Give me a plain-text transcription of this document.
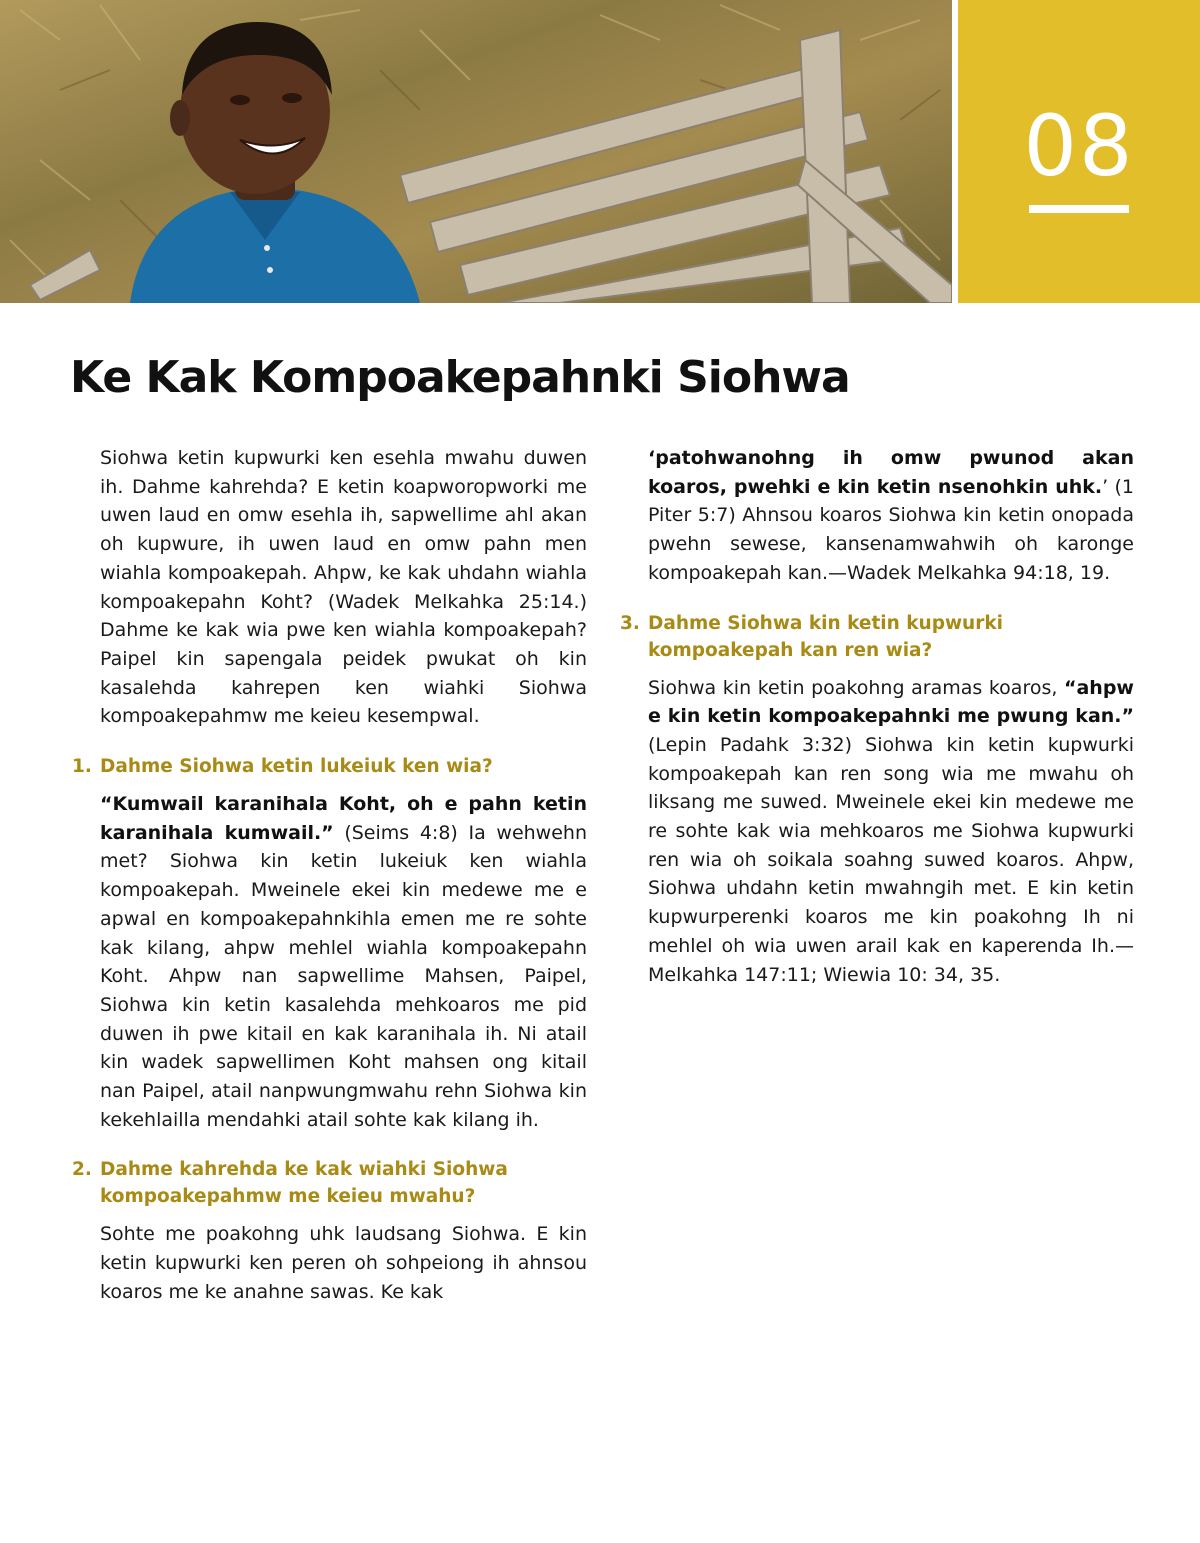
08
Ke Kak Kompoakepahnki Siohwa

Siohwa ketin kupwurki ken esehla mwahu duwen ih. Dahme kahrehda? E ketin koapworopworki me uwen laud en omw esehla ih, sapwellime ahl akan oh kupwure, ih uwen laud en omw pahn men wiahla kompoakepah. Ahpw, ke kak uhdahn wiahla kompoakepahn Koht? (Wadek Melkahka 25:14.) Dahme ke kak wia pwe ken wiahla kompoakepah? Paipel kin sapengala peidek pwukat oh kin kasalehda kahrepen ken wiahki Siohwa kompoakepahmw me keieu kesempwal.

1. Dahme Siohwa ketin lukeiuk ken wia?

“Kumwail karanihala Koht, oh e pahn ketin karanihala kumwail.” (Seims 4:8) Ia wehwehn met? Siohwa kin ketin lukeiuk ken wiahla kompoakepah. Mweinele ekei kin medewe me e apwal en kompoakepahnkihla emen me re sohte kak kilang, ahpw mehlel wiahla kompoakepahn Koht. Ahpw nan sapwellime Mahsen, Paipel, Siohwa kin ketin kasalehda mehkoaros me pid duwen ih pwe kitail en kak karanihala ih. Ni atail kin wadek sapwellimen Koht mahsen ong kitail nan Paipel, atail nanpwungmwahu rehn Siohwa kin kekehlailla mendahki atail sohte kak kilang ih.

2. Dahme kahrehda ke kak wiahki Siohwa kompoakepahmw me keieu mwahu?

Sohte me poakohng uhk laudsang Siohwa. E kin ketin kupwurki ken peren oh sohpeiong ih ahnsou koaros me ke anahne sawas. Ke kak

‘patohwanohng ih omw pwunod akan koaros, pwehki e kin ketin nsenohkin uhk.’ (1 Piter 5:7) Ahnsou koaros Siohwa kin ketin onopada pwehn sewese, kansenamwahwih oh karonge kompoakepah kan.—Wadek Melkahka 94:18, 19.

3. Dahme Siohwa kin ketin kupwurki kompoakepah kan ren wia?

Siohwa kin ketin poakohng aramas koaros, “ahpw e kin ketin kompoakepahnki me pwung kan.” (Lepin Padahk 3:32) Siohwa kin ketin kupwurki kompoakepah kan ren song wia me mwahu oh liksang me suwed. Mweinele ekei kin medewe me re sohte kak wia mehkoaros me Siohwa kupwurki ren wia oh soikala soahng suwed koaros. Ahpw, Siohwa uhdahn ketin mwahngih met. E kin ketin kupwurperenki koaros me kin poakohng Ih ni mehlel oh wia uwen arail kak en kaperenda Ih.—Melkahka 147:11; Wiewia 10: 34, 35.
